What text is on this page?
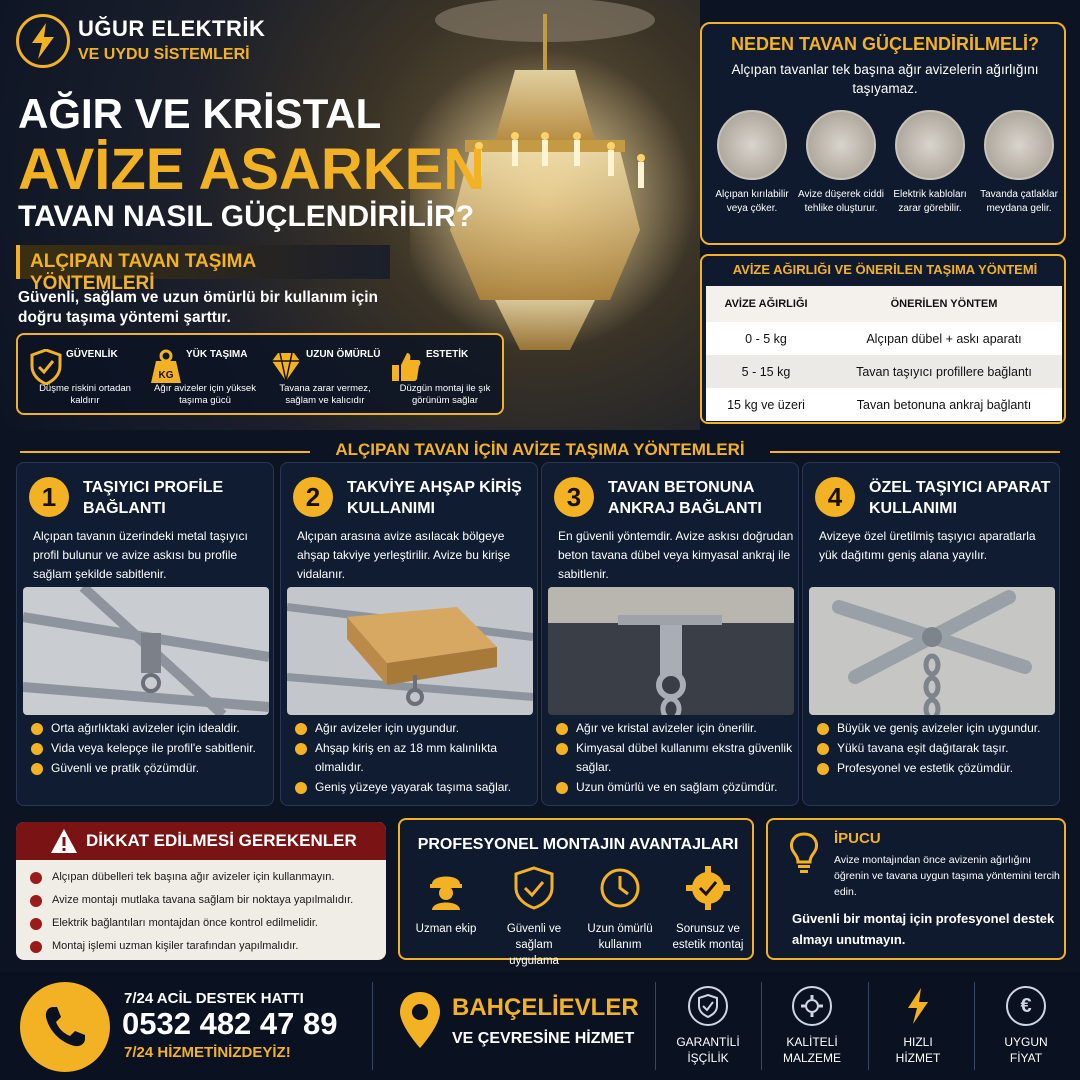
UĞUR ELEKTRİK
VE UYDU SİSTEMLERİ
AĞIR VE KRİSTAL
AVİZE ASARKEN
TAVAN NASIL GÜÇLENDİRİLİR?
ALÇIPAN TAVAN TAŞIMA YÖNTEMLERİ
Güvenli, sağlam ve uzun ömürlü bir kullanım için doğru taşıma yöntemi şarttır.
GÜVENLİK
Düşme riskini ortadan kaldırır
KG
YÜK TAŞIMA
Ağır avizeler için yüksek taşıma gücü
UZUN ÖMÜRLÜ
Tavana zarar vermez, sağlam ve kalıcıdır
ESTETİK
Düzgün montaj ile şık görünüm sağlar
NEDEN TAVAN GÜÇLENDİRİLMELİ?
Alçıpan tavanlar tek başına ağır avizelerin ağırlığını taşıyamaz.
Alçıpan kırılabilir veya çöker.
Avize düşerek ciddi tehlike oluşturur.
Elektrik kabloları zarar görebilir.
Tavanda çatlaklar meydana gelir.
AVİZE AĞIRLIĞI VE ÖNERİLEN TAŞIMA YÖNTEMİ
AVİZE AĞIRLIĞI	ÖNERİLEN YÖNTEM
0 - 5 kg	Alçıpan dübel + askı aparatı
5 - 15 kg	Tavan taşıyıcı profillere bağlantı
15 kg ve üzeri	Tavan betonuna ankraj bağlantı
ALÇIPAN TAVAN İÇİN AVİZE TAŞIMA YÖNTEMLERİ
1	TAŞIYICI PROFİLE BAĞLANTI
Alçıpan tavanın üzerindeki metal taşıyıcı profil bulunur ve avize askısı bu profile sağlam şekilde sabitlenir.
Orta ağırlıktaki avizeler için idealdir.
Vida veya kelepçe ile profil'e sabitlenir.
Güvenli ve pratik çözümdür.
2	TAKVİYE AHŞAP KİRİŞ KULLANIMI
Alçıpan arasına avize asılacak bölgeye ahşap takviye yerleştirilir. Avize bu kirişe vidalanır.
Ağır avizeler için uygundur.
Ahşap kiriş en az 18 mm kalınlıkta olmalıdır.
Geniş yüzeye yayarak taşıma sağlar.
3	TAVAN BETONUNA ANKRAJ BAĞLANTI
En güvenli yöntemdir. Avize askısı doğrudan beton tavana dübel veya kimyasal ankraj ile sabitlenir.
Ağır ve kristal avizeler için önerilir.
Kimyasal dübel kullanımı ekstra güvenlik sağlar.
Uzun ömürlü ve en sağlam çözümdür.
4	ÖZEL TAŞIYICI APARAT KULLANIMI
Avizeye özel üretilmiş taşıyıcı aparatlarla yük dağıtımı geniş alana yayılır.
Büyük ve geniş avizeler için uygundur.
Yükü tavana eşit dağıtarak taşır.
Profesyonel ve estetik çözümdür.
DİKKAT EDİLMESİ GEREKENLER
Alçıpan dübelleri tek başına ağır avizeler için kullanmayın.
Avize montajı mutlaka tavana sağlam bir noktaya yapılmalıdır.
Elektrik bağlantıları montajdan önce kontrol edilmelidir.
Montaj işlemi uzman kişiler tarafından yapılmalıdır.
PROFESYONEL MONTAJIN AVANTAJLARI
Uzman ekip	Güvenli ve sağlam uygulama
Uzun ömürlü kullanım
Sorunsuz ve estetik montaj
İPUCU
Avize montajından önce avizenin ağırlığını öğrenin ve tavana uygun taşıma yöntemini tercih edin.
Güvenli bir montaj için profesyonel destek almayı unutmayın.
7/24 ACİL DESTEK HATTI
0532 482 47 89
7/24 HİZMETİNİZDEYİZ!
BAHÇELİEVLER
VE ÇEVRESİNE HİZMET	GARANTİLİ
İŞÇİLİK
KALİTELİ
MALZEME
HIZLI
HİZMET
€
UYGUN
FİYAT
